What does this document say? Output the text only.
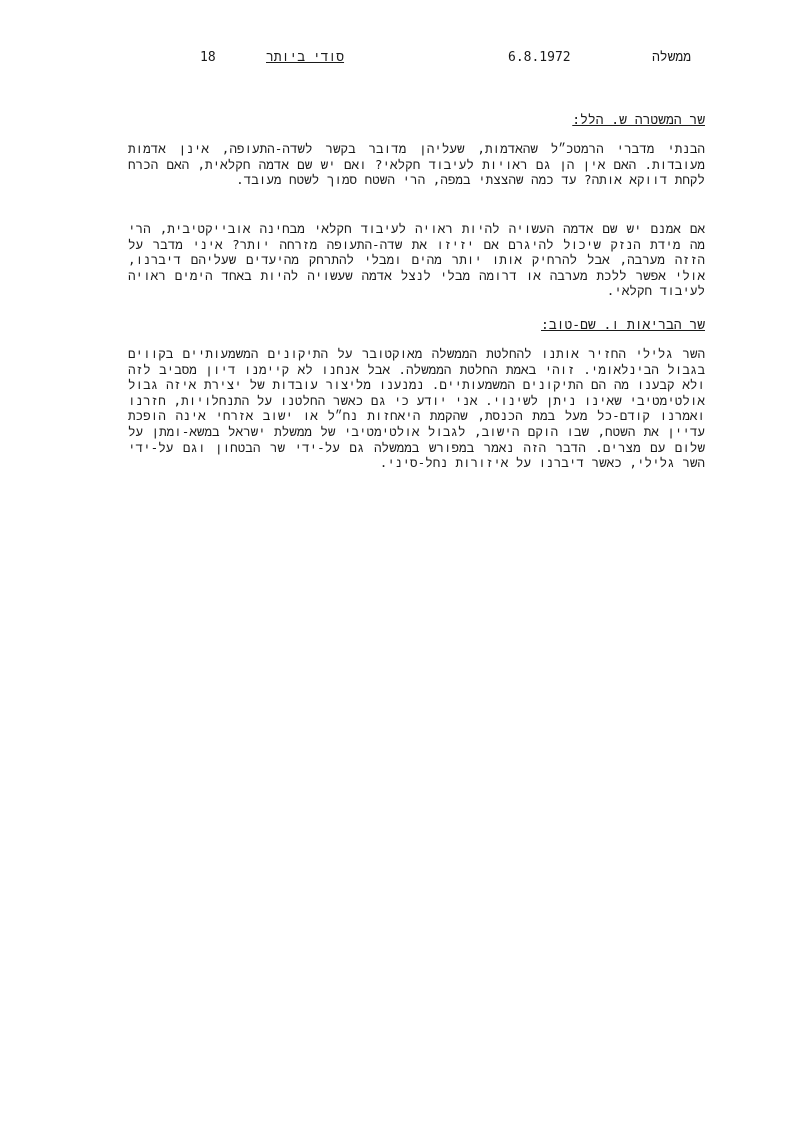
18	סודי ביותר	6.8.1972	ממשלה
שר המשטרה ש. הלל:

הבנתי מדברי הרמטכ״ל שהאדמות, שעליהן מדובר בקשר לשדה-התעופה, אינן אדמות מעובדות. האם אין הן גם ראויות לעיבוד חקלאי? ואם יש שם אדמה חקלאית, האם הכרח לקחת דווקא אותה? עד כמה שהצצתי במפה, הרי השטח סמוך לשטח מעובד.

אם אמנם יש שם אדמה העשויה להיות ראויה לעיבוד חקלאי מבחינה אובייקטיבית, הרי מה מידת הנזק שיכול להיגרם אם יזיזו את שדה-התעופה מזרחה יותר? איני מדבר על הזזה מערבה, אבל להרחיק אותו יותר מהים ומבלי להתרחק מהיעדים שעליהם דיברנו, אולי אפשר ללכת מערבה או דרומה מבלי לנצל אדמה שעשויה להיות באחד הימים ראויה לעיבוד חקלאי.

שר הבריאות ו. שם-טוב:

השר גלילי החזיר אותנו להחלטת הממשלה מאוקטובר על התיקונים המשמעותיים בקווים בגבול הבינלאומי. זוהי באמת החלטת הממשלה. אבל אנחנו לא קיימנו דיון מסביב לזה ולא קבענו מה הם התיקונים המשמעותיים. נמנענו מליצור עובדות של יצירת איזה גבול אולטימטיבי שאינו ניתן לשינוי. אני יודע כי גם כאשר החלטנו על התנחלויות, חזרנו ואמרנו קודם-כל מעל במת הכנסת, שהקמת היאחזות נח״ל או ישוב אזרחי אינה הופכת עדיין את השטח, שבו הוקם הישוב, לגבול אולטימטיבי של ממשלת ישראל במשא-ומתן על שלום עם מצרים. הדבר הזה נאמר במפורש בממשלה גם על-ידי שר הבטחון וגם על-ידי השר גלילי, כאשר דיברנו על איזורות נחל-סיני.
